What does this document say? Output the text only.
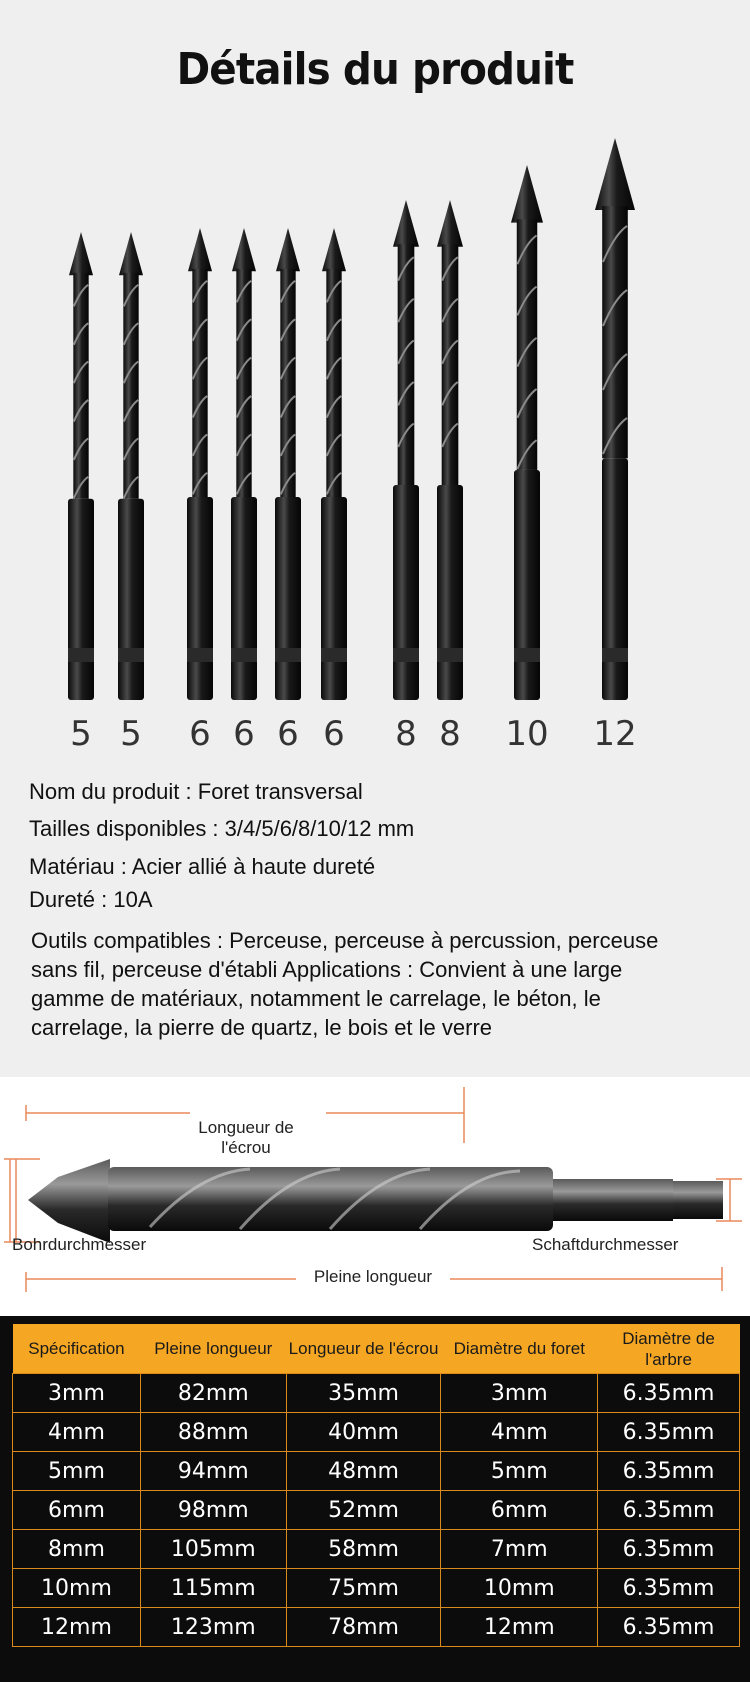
Détails du produit
5 5	6 6 6 6	8 8	10 12
Nom du produit : Foret transversal
Tailles disponibles : 3/4/5/6/8/10/12 mm
Matériau : Acier allié à haute dureté
Dureté : 10A
Outils compatibles : Perceuse, perceuse à percussion, perceuse sans fil, perceuse d'établi Applications : Convient à une large gamme de matériaux, notamment le carrelage, le béton, le carrelage, la pierre de quartz, le bois et le verre
Longueur de l'écrou
Bohrdurchmesser	Schaftdurchmesser
Pleine longueur
Spécification	Pleine longueur	Longueur de l'écrou	Diamètre du foret	Diamètre de l'arbre
3mm	82mm	35mm	3mm	6.35mm
4mm	88mm	40mm	4mm	6.35mm
5mm	94mm	48mm	5mm	6.35mm
6mm	98mm	52mm	6mm	6.35mm
8mm	105mm	58mm	7mm	6.35mm
10mm	115mm	75mm	10mm	6.35mm
12mm	123mm	78mm	12mm	6.35mm
